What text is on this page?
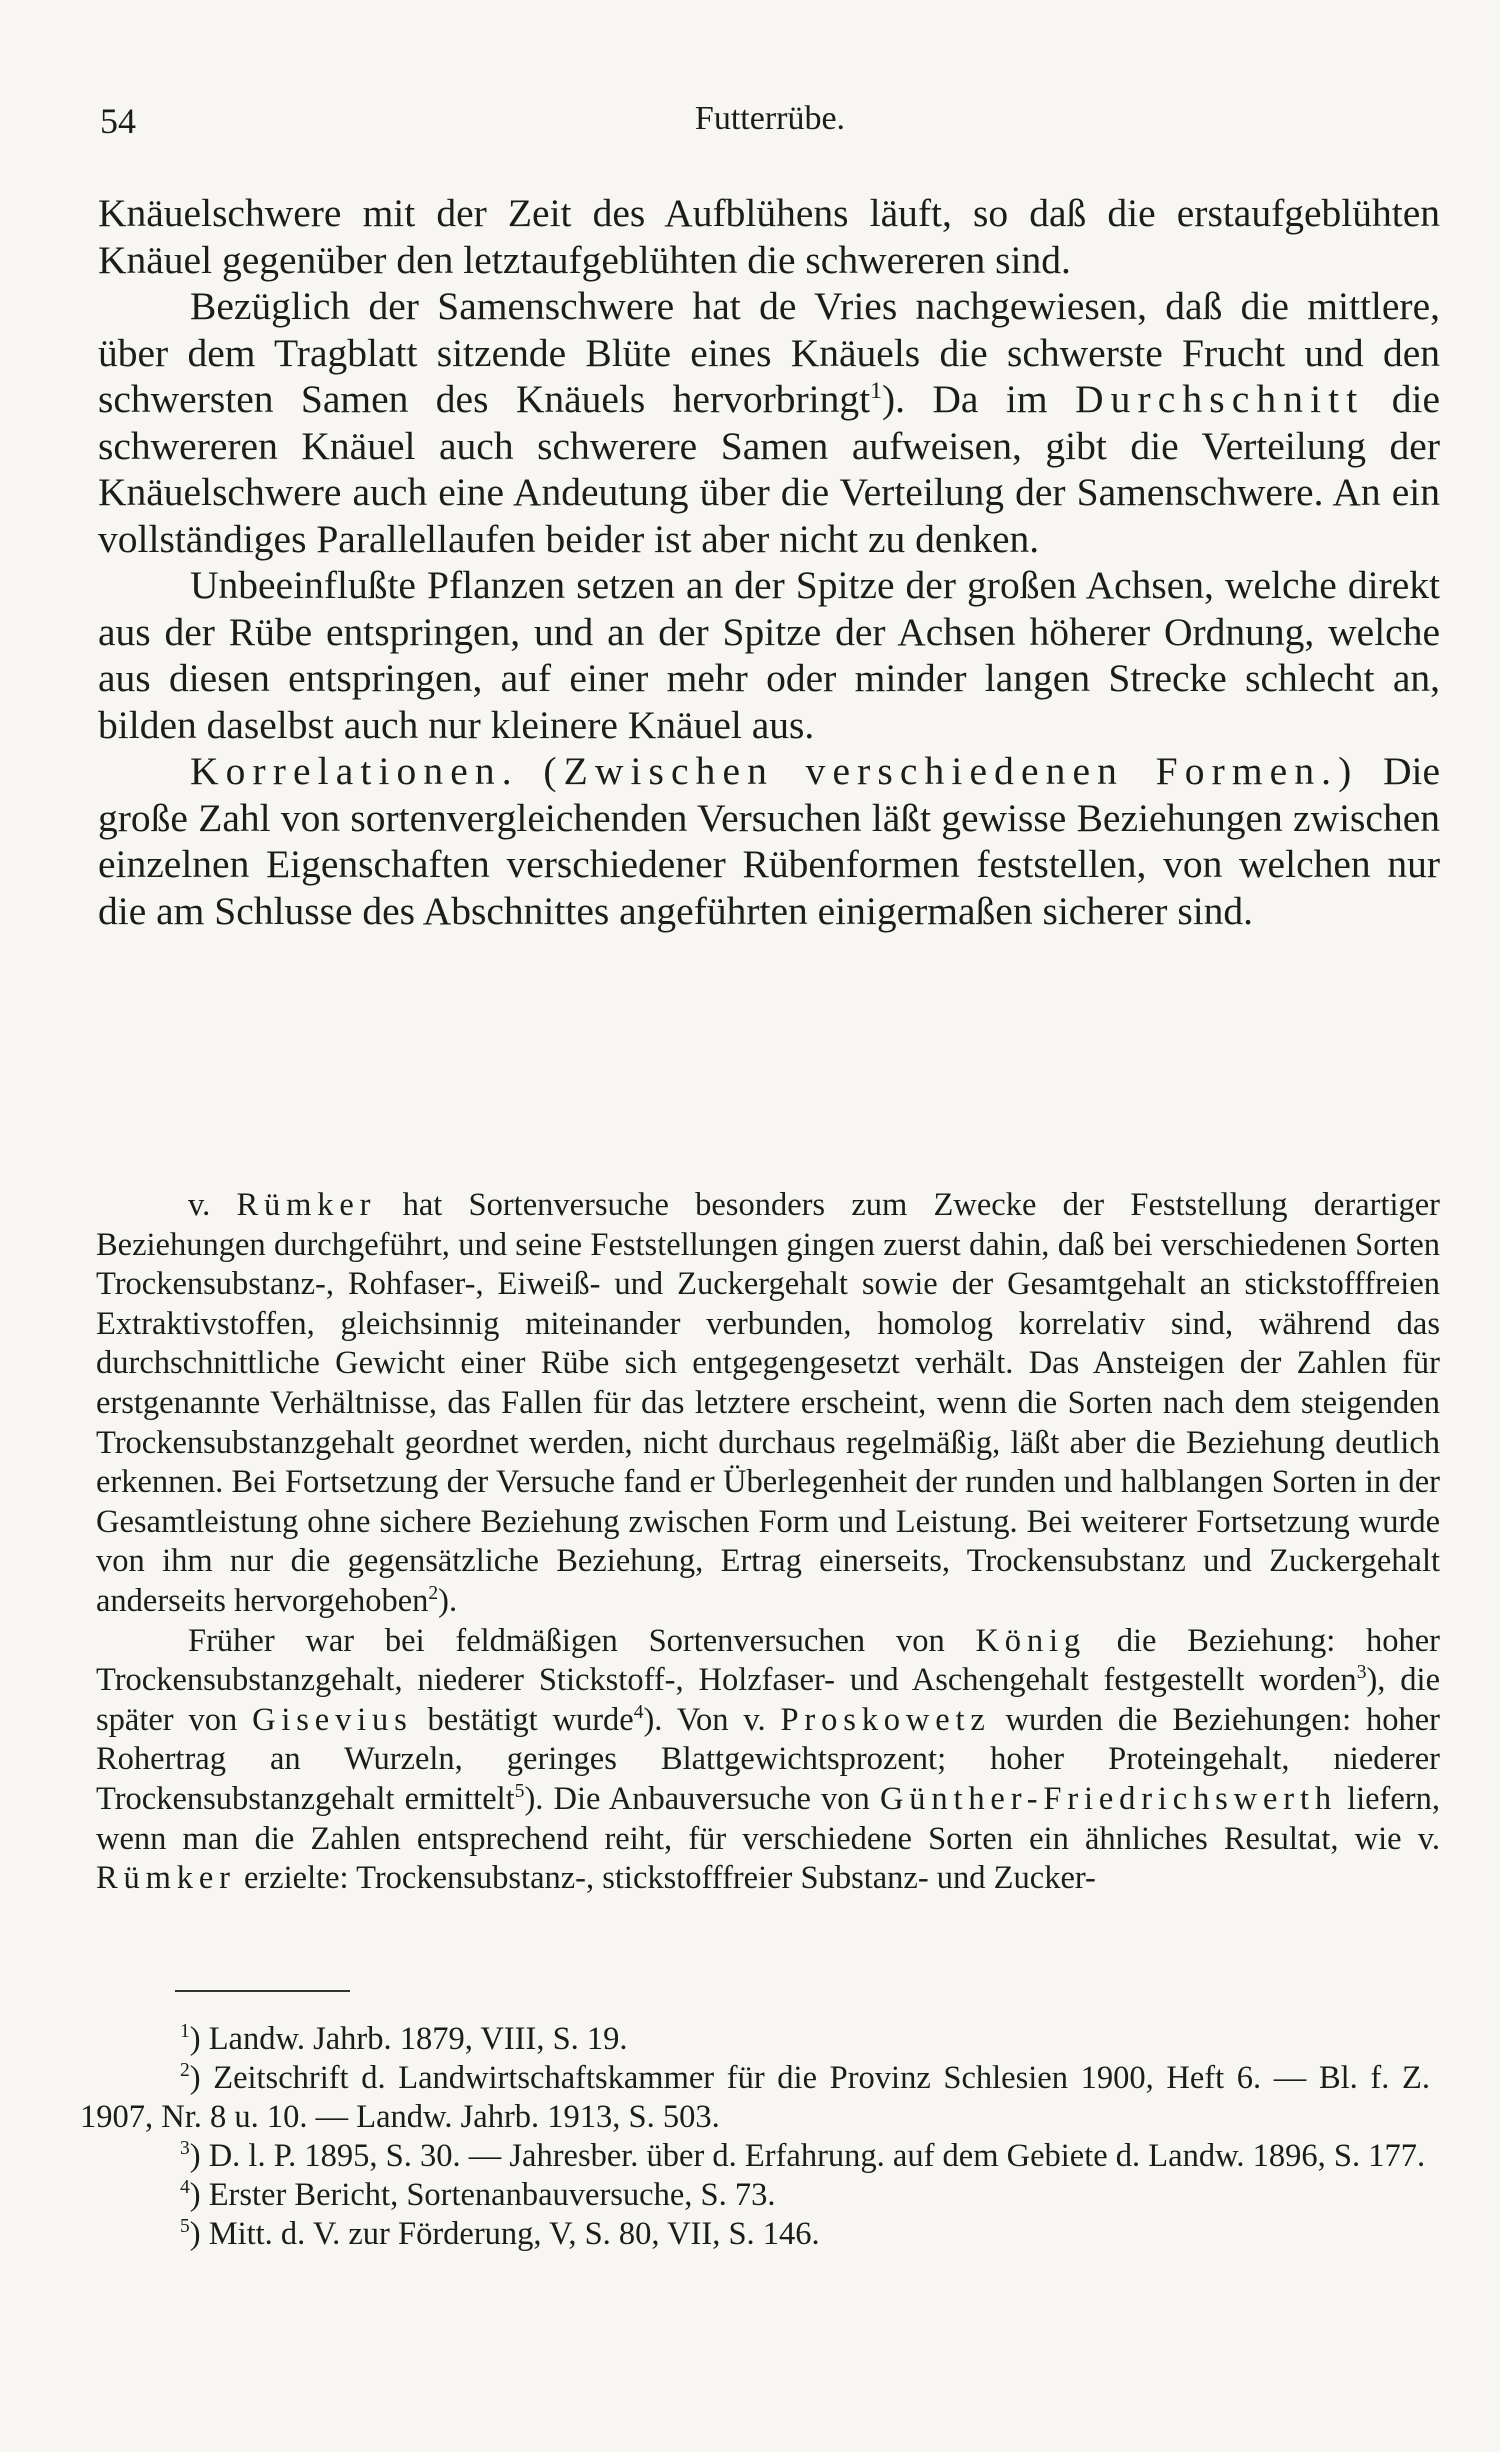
54	Futterrübe.

Knäuelschwere mit der Zeit des Aufblühens läuft, so daß die erstaufgeblühten Knäuel gegenüber den letztaufgeblühten die schwereren sind.

Bezüglich der Samenschwere hat de Vries nachgewiesen, daß die mittlere, über dem Tragblatt sitzende Blüte eines Knäuels die schwerste Frucht und den schwersten Samen des Knäuels hervorbringt$^1$). Da im Durchschnitt die schwereren Knäuel auch schwerere Samen aufweisen, gibt die Verteilung der Knäuelschwere auch eine Andeutung über die Verteilung der Samenschwere. An ein vollständiges Parallellaufen beider ist aber nicht zu denken.

Unbeeinflußte Pflanzen setzen an der Spitze der großen Achsen, welche direkt aus der Rübe entspringen, und an der Spitze der Achsen höherer Ordnung, welche aus diesen entspringen, auf einer mehr oder minder langen Strecke schlecht an, bilden daselbst auch nur kleinere Knäuel aus.

Korrelationen. (Zwischen verschiedenen Formen.) Die große Zahl von sortenvergleichenden Versuchen läßt gewisse Beziehungen zwischen einzelnen Eigenschaften verschiedener Rübenformen feststellen, von welchen nur die am Schlusse des Abschnittes angeführten einigermaßen sicherer sind.

v. Rümker hat Sortenversuche besonders zum Zwecke der Feststellung derartiger Beziehungen durchgeführt, und seine Feststellungen gingen zuerst dahin, daß bei verschiedenen Sorten Trockensubstanz-, Rohfaser-, Eiweiß- und Zuckergehalt sowie der Gesamtgehalt an stickstofffreien Extraktivstoffen, gleichsinnig miteinander verbunden, homolog korrelativ sind, während das durchschnittliche Gewicht einer Rübe sich entgegengesetzt verhält. Das Ansteigen der Zahlen für erstgenannte Verhältnisse, das Fallen für das letztere erscheint, wenn die Sorten nach dem steigenden Trockensubstanzgehalt geordnet werden, nicht durchaus regelmäßig, läßt aber die Beziehung deutlich erkennen. Bei Fortsetzung der Versuche fand er Überlegenheit der runden und halblangen Sorten in der Gesamtleistung ohne sichere Beziehung zwischen Form und Leistung. Bei weiterer Fortsetzung wurde von ihm nur die gegensätzliche Beziehung, Ertrag einerseits, Trockensubstanz und Zuckergehalt anderseits hervorgehoben$^2$).

Früher war bei feldmäßigen Sortenversuchen von König die Beziehung: hoher Trockensubstanzgehalt, niederer Stickstoff-, Holzfaser- und Aschengehalt festgestellt worden$^3$), die später von Gisevius bestätigt wurde$^4$). Von v. Proskowetz wurden die Beziehungen: hoher Rohertrag an Wurzeln, geringes Blattgewichtsprozent; hoher Proteingehalt, niederer Trockensubstanzgehalt ermittelt$^5$). Die Anbauversuche von Günther-Friedrichswerth liefern, wenn man die Zahlen entsprechend reiht, für verschiedene Sorten ein ähnliches Resultat, wie v. Rümker erzielte: Trockensubstanz-, stickstofffreier Substanz- und Zucker-

$^1$) Landw. Jahrb. 1879, VIII, S. 19.

$^2$) Zeitschrift d. Landwirtschaftskammer für die Provinz Schlesien 1900, Heft 6. — Bl. f. Z. 1907, Nr. 8 u. 10. — Landw. Jahrb. 1913, S. 503.

$^3$) D. l. P. 1895, S. 30. — Jahresber. über d. Erfahrung. auf dem Gebiete d. Landw. 1896, S. 177.

$^4$) Erster Bericht, Sortenanbauversuche, S. 73.

$^5$) Mitt. d. V. zur Förderung, V, S. 80, VII, S. 146.
